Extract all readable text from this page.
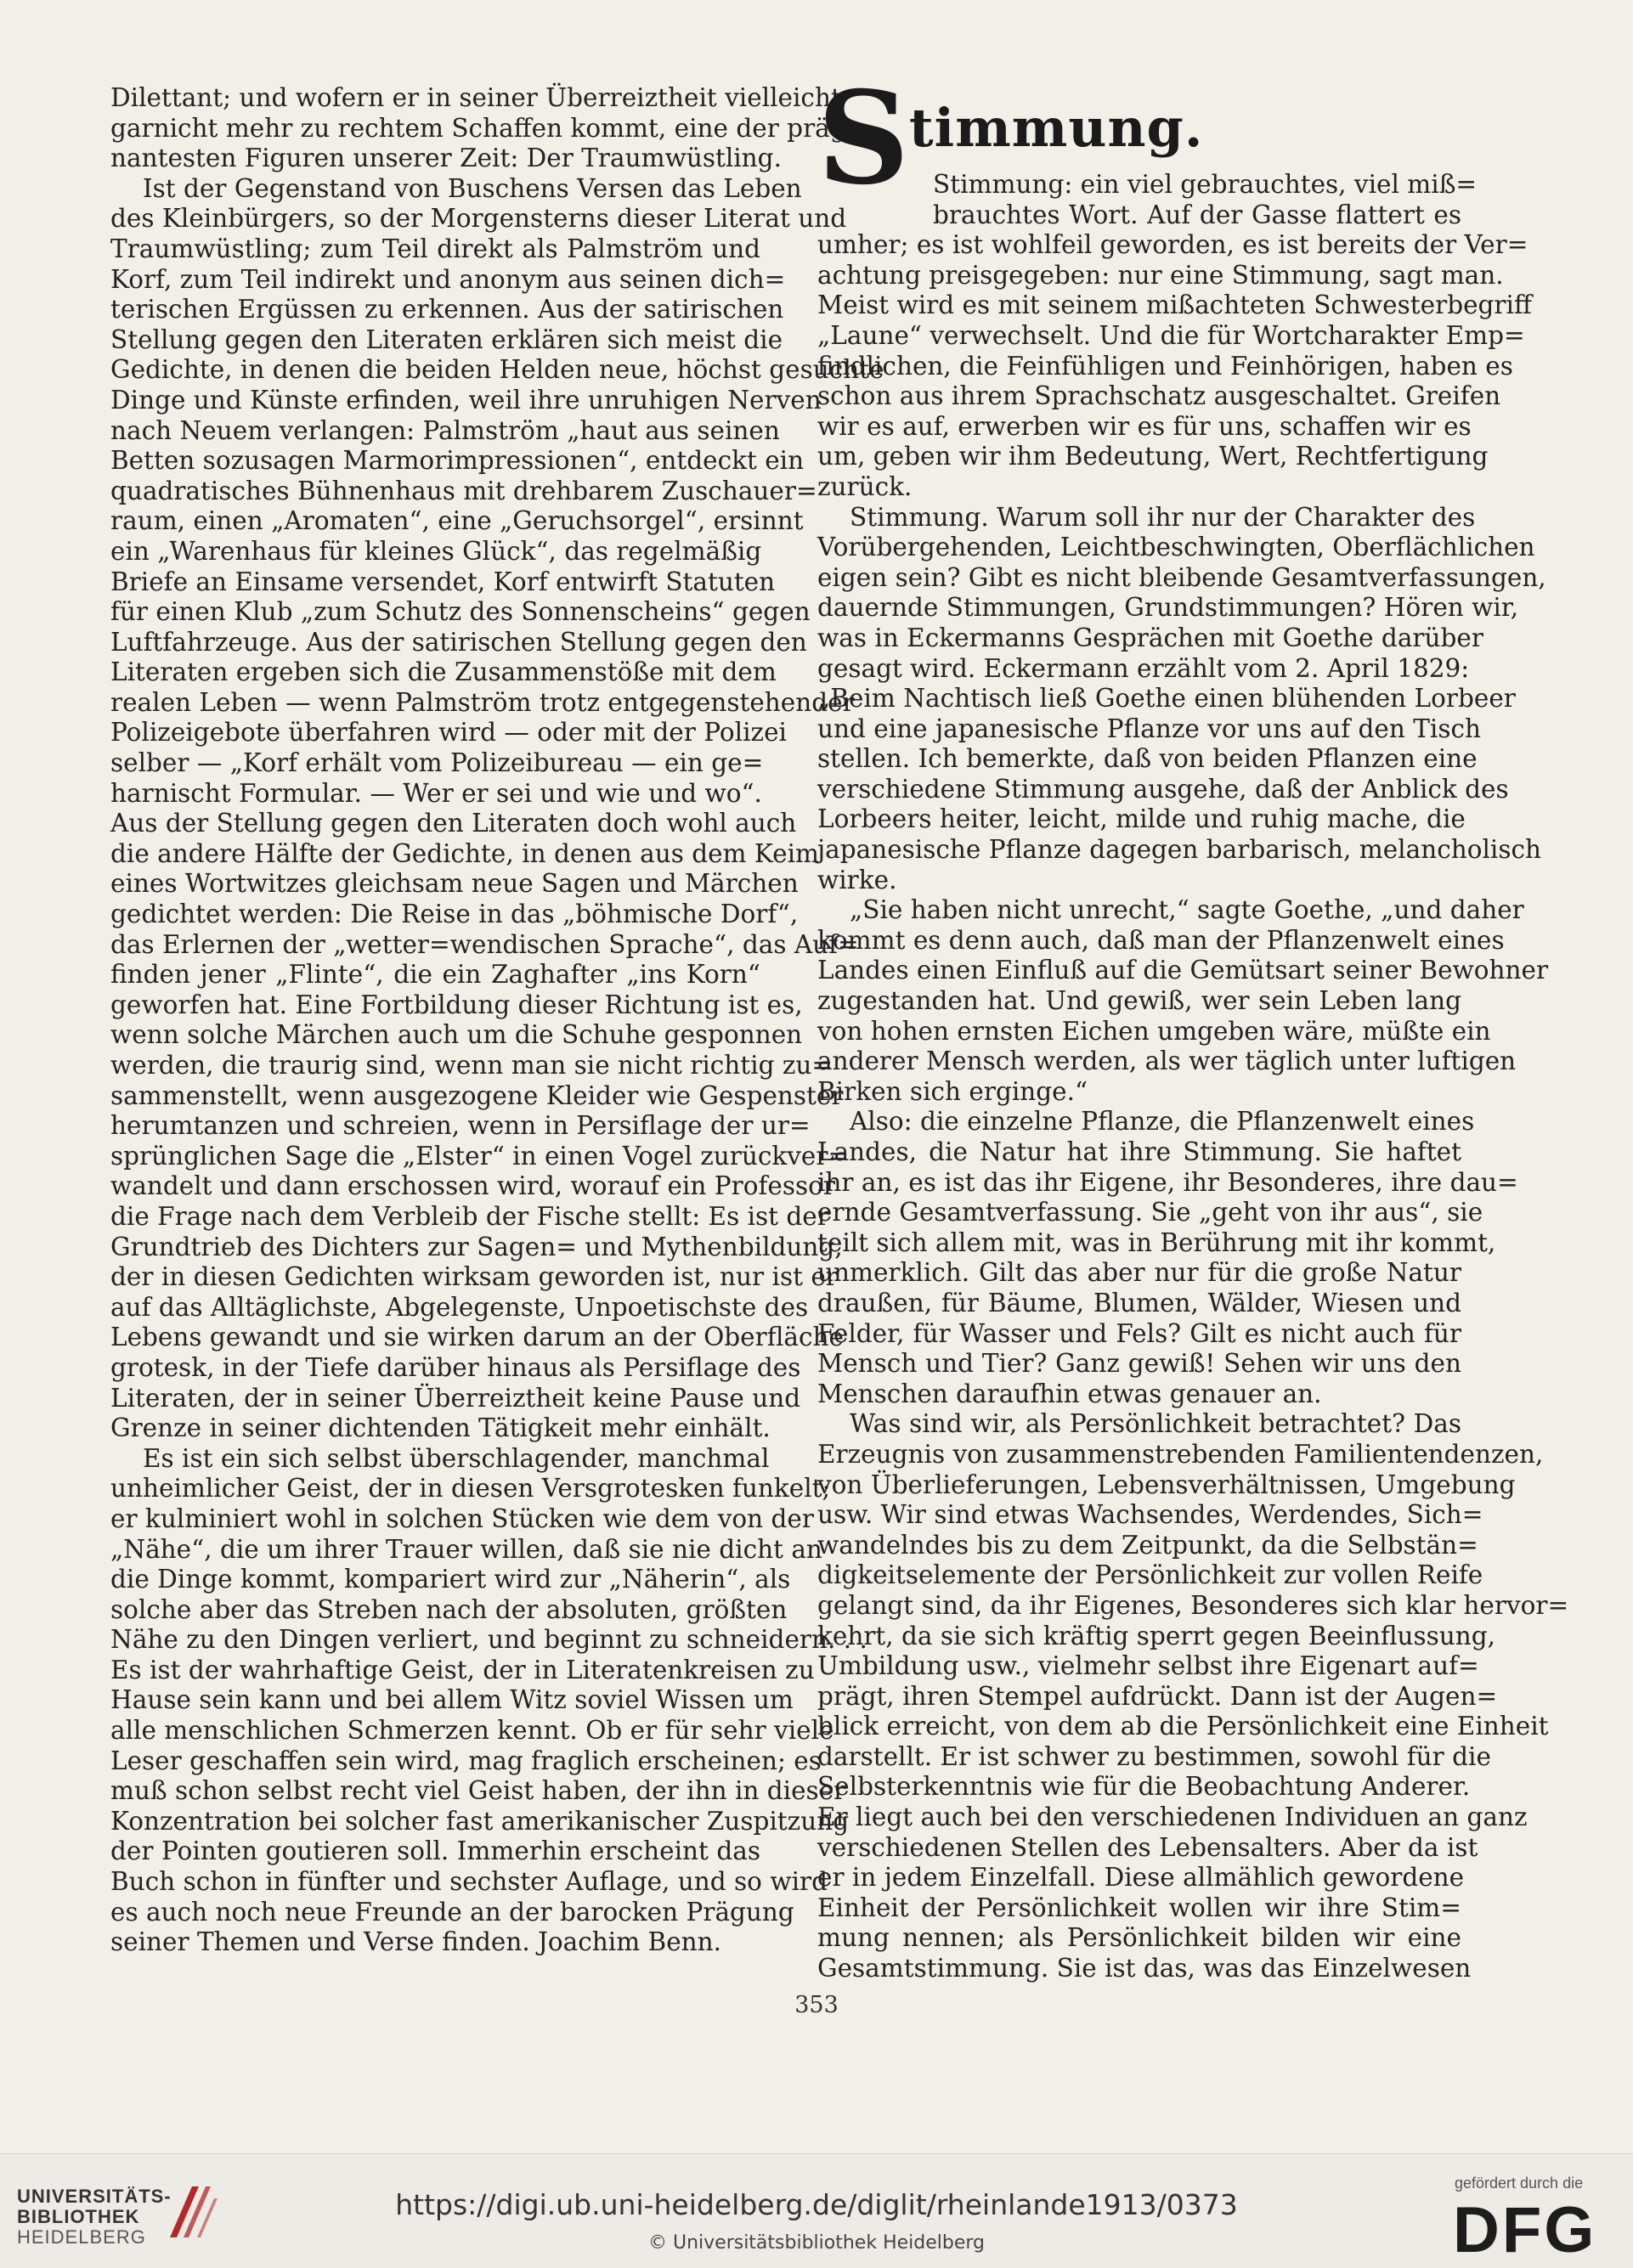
Dilettant; und wofern er in seiner Überreiztheit vielleicht
garnicht mehr zu rechtem Schaffen kommt, eine der präg=
nantesten Figuren unserer Zeit: Der Traumwüstling.
Ist der Gegenstand von Buschens Versen das Leben
des Kleinbürgers, so der Morgensterns dieser Literat und
Traumwüstling; zum Teil direkt als Palmström und
Korf, zum Teil indirekt und anonym aus seinen dich=
terischen Ergüssen zu erkennen. Aus der satirischen
Stellung gegen den Literaten erklären sich meist die
Gedichte, in denen die beiden Helden neue, höchst gesuchte
Dinge und Künste erfinden, weil ihre unruhigen Nerven
nach Neuem verlangen: Palmström „haut aus seinen
Betten sozusagen Marmorimpressionen“, entdeckt ein
quadratisches Bühnenhaus mit drehbarem Zuschauer=
raum, einen „Aromaten“, eine „Geruchsorgel“, ersinnt
ein „Warenhaus für kleines Glück“, das regelmäßig
Briefe an Einsame versendet, Korf entwirft Statuten
für einen Klub „zum Schutz des Sonnenscheins“ gegen
Luftfahrzeuge. Aus der satirischen Stellung gegen den
Literaten ergeben sich die Zusammenstöße mit dem
realen Leben — wenn Palmström trotz entgegenstehender
Polizeigebote überfahren wird — oder mit der Polizei
selber — „Korf erhält vom Polizeibureau — ein ge=
harnischt Formular. — Wer er sei und wie und wo“.
Aus der Stellung gegen den Literaten doch wohl auch
die andere Hälfte der Gedichte, in denen aus dem Keim
eines Wortwitzes gleichsam neue Sagen und Märchen
gedichtet werden: Die Reise in das „böhmische Dorf“,
das Erlernen der „wetter=wendischen Sprache“, das Auf=
finden jener „Flinte“, die ein Zaghafter „ins Korn“
geworfen hat. Eine Fortbildung dieser Richtung ist es,
wenn solche Märchen auch um die Schuhe gesponnen
werden, die traurig sind, wenn man sie nicht richtig zu=
sammenstellt, wenn ausgezogene Kleider wie Gespenster
herumtanzen und schreien, wenn in Persiflage der ur=
sprünglichen Sage die „Elster“ in einen Vogel zurückver=
wandelt und dann erschossen wird, worauf ein Professor
die Frage nach dem Verbleib der Fische stellt: Es ist der
Grundtrieb des Dichters zur Sagen= und Mythenbildung,
der in diesen Gedichten wirksam geworden ist, nur ist er
auf das Alltäglichste, Abgelegenste, Unpoetischste des
Lebens gewandt und sie wirken darum an der Oberfläche
grotesk, in der Tiefe darüber hinaus als Persiflage des
Literaten, der in seiner Überreiztheit keine Pause und
Grenze in seiner dichtenden Tätigkeit mehr einhält.
Es ist ein sich selbst überschlagender, manchmal
unheimlicher Geist, der in diesen Versgrotesken funkelt;
er kulminiert wohl in solchen Stücken wie dem von der
„Nähe“, die um ihrer Trauer willen, daß sie nie dicht an
die Dinge kommt, kompariert wird zur „Näherin“, als
solche aber das Streben nach der absoluten, größten
Nähe zu den Dingen verliert, und beginnt zu schneidern. . .
Es ist der wahrhaftige Geist, der in Literatenkreisen zu
Hause sein kann und bei allem Witz soviel Wissen um
alle menschlichen Schmerzen kennt. Ob er für sehr viele
Leser geschaffen sein wird, mag fraglich erscheinen; es
muß schon selbst recht viel Geist haben, der ihn in dieser
Konzentration bei solcher fast amerikanischer Zuspitzung
der Pointen goutieren soll. Immerhin erscheint das
Buch schon in fünfter und sechster Auflage, und so wird
es auch noch neue Freunde an der barocken Prägung
seiner Themen und Verse finden. Joachim Benn.
S timmung.
Stimmung: ein viel gebrauchtes, viel miß=
brauchtes Wort. Auf der Gasse flattert es
umher; es ist wohlfeil geworden, es ist bereits der Ver=
achtung preisgegeben: nur eine Stimmung, sagt man.
Meist wird es mit seinem mißachteten Schwesterbegriff
„Laune“ verwechselt. Und die für Wortcharakter Emp=
findlichen, die Feinfühligen und Feinhörigen, haben es
schon aus ihrem Sprachschatz ausgeschaltet. Greifen
wir es auf, erwerben wir es für uns, schaffen wir es
um, geben wir ihm Bedeutung, Wert, Rechtfertigung
zurück.
Stimmung. Warum soll ihr nur der Charakter des
Vorübergehenden, Leichtbeschwingten, Oberflächlichen
eigen sein? Gibt es nicht bleibende Gesamtverfassungen,
dauernde Stimmungen, Grundstimmungen? Hören wir,
was in Eckermanns Gesprächen mit Goethe darüber
gesagt wird. Eckermann erzählt vom 2. April 1829:
„Beim Nachtisch ließ Goethe einen blühenden Lorbeer
und eine japanesische Pflanze vor uns auf den Tisch
stellen. Ich bemerkte, daß von beiden Pflanzen eine
verschiedene Stimmung ausgehe, daß der Anblick des
Lorbeers heiter, leicht, milde und ruhig mache, die
japanesische Pflanze dagegen barbarisch, melancholisch
wirke.
„Sie haben nicht unrecht,“ sagte Goethe, „und daher
kommt es denn auch, daß man der Pflanzenwelt eines
Landes einen Einfluß auf die Gemütsart seiner Bewohner
zugestanden hat. Und gewiß, wer sein Leben lang
von hohen ernsten Eichen umgeben wäre, müßte ein
anderer Mensch werden, als wer täglich unter luftigen
Birken sich erginge.“
Also: die einzelne Pflanze, die Pflanzenwelt eines
Landes, die Natur hat ihre Stimmung. Sie haftet
ihr an, es ist das ihr Eigene, ihr Besonderes, ihre dau=
ernde Gesamtverfassung. Sie „geht von ihr aus“, sie
teilt sich allem mit, was in Berührung mit ihr kommt,
unmerklich. Gilt das aber nur für die große Natur
draußen, für Bäume, Blumen, Wälder, Wiesen und
Felder, für Wasser und Fels? Gilt es nicht auch für
Mensch und Tier? Ganz gewiß! Sehen wir uns den
Menschen daraufhin etwas genauer an.
Was sind wir, als Persönlichkeit betrachtet? Das
Erzeugnis von zusammenstrebenden Familientendenzen,
von Überlieferungen, Lebensverhältnissen, Umgebung
usw. Wir sind etwas Wachsendes, Werdendes, Sich=
wandelndes bis zu dem Zeitpunkt, da die Selbstän=
digkeitselemente der Persönlichkeit zur vollen Reife
gelangt sind, da ihr Eigenes, Besonderes sich klar hervor=
kehrt, da sie sich kräftig sperrt gegen Beeinflussung,
Umbildung usw., vielmehr selbst ihre Eigenart auf=
prägt, ihren Stempel aufdrückt. Dann ist der Augen=
blick erreicht, von dem ab die Persönlichkeit eine Einheit
darstellt. Er ist schwer zu bestimmen, sowohl für die
Selbsterkenntnis wie für die Beobachtung Anderer.
Er liegt auch bei den verschiedenen Individuen an ganz
verschiedenen Stellen des Lebensalters. Aber da ist
er in jedem Einzelfall. Diese allmählich gewordene
Einheit der Persönlichkeit wollen wir ihre Stim=
mung nennen; als Persönlichkeit bilden wir eine
Gesamtstimmung. Sie ist das, was das Einzelwesen
353
UNIVERSITÄTS-
BIBLIOTHEK
HEIDELBERG
https://digi.ub.uni-heidelberg.de/diglit/rheinlande1913/0373
© Universitätsbibliothek Heidelberg
gefördert durch die
DFG
